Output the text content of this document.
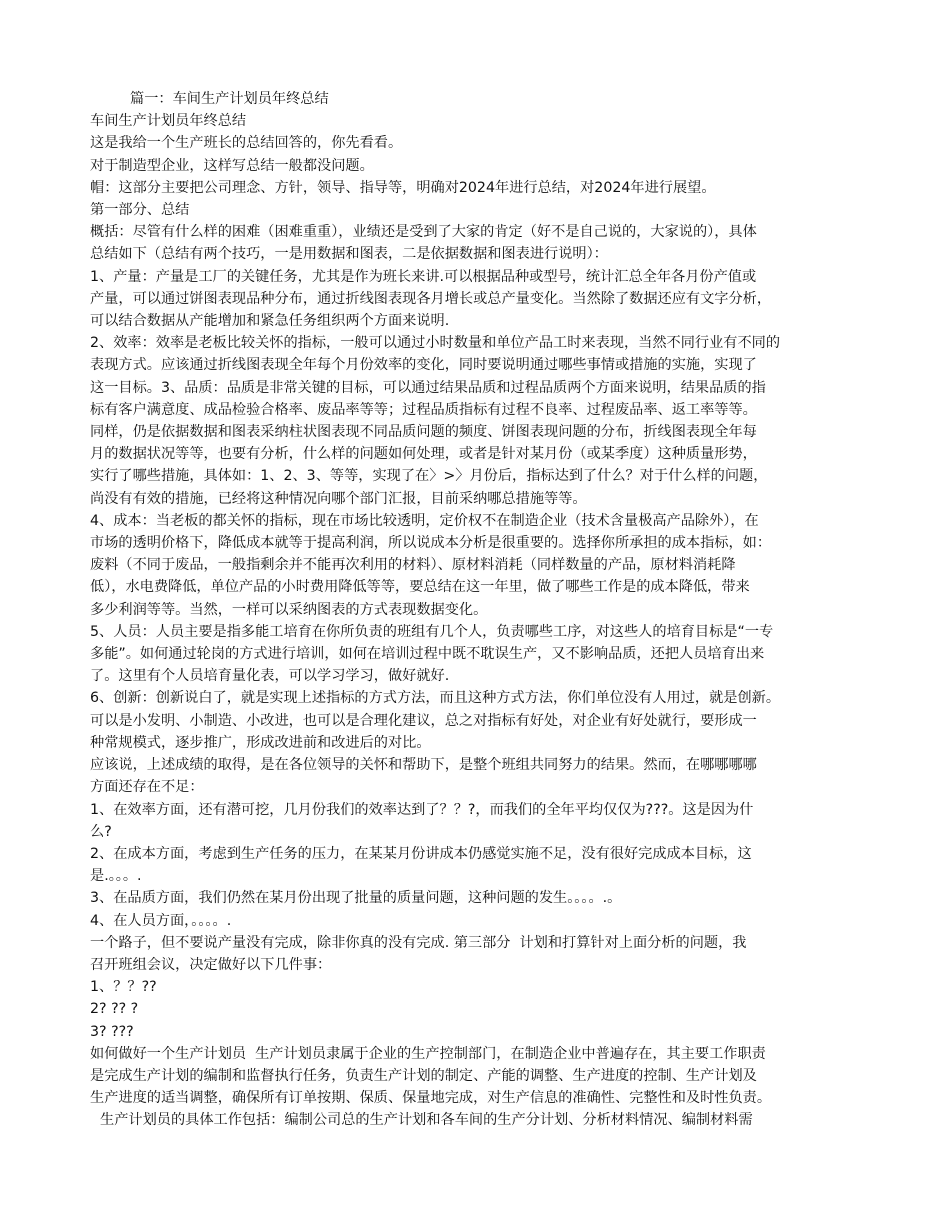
篇一：车间生产计划员年终总结
车间生产计划员年终总结
这是我给一个生产班长的总结回答的，你先看看。
对于制造型企业，这样写总结一般都没问题。
帽：这部分主要把公司理念、方针，领导、指导等，明确对2024年进行总结，对2024年进行展望。
第一部分、总结
概括：尽管有什么样的困难（困难重重），业绩还是受到了大家的肯定（好不是自己说的，大家说的），具体
总结如下（总结有两个技巧，一是用数据和图表，二是依据数据和图表进行说明）：
1、产量：产量是工厂的关键任务，尤其是作为班长来讲.可以根据品种或型号，统计汇总全年各月份产值或
产量，可以通过饼图表现品种分布，通过折线图表现各月增长或总产量变化。当然除了数据还应有文字分析，
可以结合数据从产能增加和紧急任务组织两个方面来说明.
2、效率：效率是老板比较关怀的指标，一般可以通过小时数量和单位产品工时来表现，当然不同行业有不同的
表现方式。应该通过折线图表现全年每个月份效率的变化，同时要说明通过哪些事情或措施的实施，实现了
这一目标。3、品质：品质是非常关键的目标，可以通过结果品质和过程品质两个方面来说明，结果品质的指
标有客户满意度、成品检验合格率、废品率等等；过程品质指标有过程不良率、过程废品率、返工率等等。
同样，仍是依据数据和图表采纳柱状图表现不同品质问题的频度、饼图表现问题的分布，折线图表现全年每
月的数据状况等等，也要有分析，什么样的问题如何处理，或者是针对某月份（或某季度）这种质量形势，
实行了哪些措施，具体如：1、2、3、等等，实现了在〉>〉月份后，指标达到了什么？对于什么样的问题，
尚没有有效的措施，已经将这种情况向哪个部门汇报，目前采纳哪总措施等等。
4、成本：当老板的都关怀的指标，现在市场比较透明，定价权不在制造企业（技术含量极高产品除外），在
市场的透明价格下，降低成本就等于提高利润，所以说成本分析是很重要的。选择你所承担的成本指标，如：
废料（不同于废品，一般指剩余并不能再次利用的材料）、原材料消耗（同样数量的产品，原材料消耗降
低），水电费降低，单位产品的小时费用降低等等，要总结在这一年里，做了哪些工作是的成本降低，带来
多少利润等等。当然，一样可以采纳图表的方式表现数据变化。
5、人员：人员主要是指多能工培育在你所负责的班组有几个人，负责哪些工序，对这些人的培育目标是“一专
多能”。如何通过轮岗的方式进行培训，如何在培训过程中既不耽误生产，又不影响品质，还把人员培育出来
了。这里有个人员培育量化表，可以学习学习，做好就好.
6、创新：创新说白了，就是实现上述指标的方式方法，而且这种方式方法，你们单位没有人用过，就是创新。
可以是小发明、小制造、小改进，也可以是合理化建议，总之对指标有好处，对企业有好处就行，要形成一
种常规模式，逐步推广，形成改进前和改进后的对比。
应该说，上述成绩的取得，是在各位领导的关怀和帮助下，是整个班组共同努力的结果。然而，在哪哪哪哪
方面还存在不足：
1、在效率方面，还有潜可挖，几月份我们的效率达到了？？?，而我们的全年平均仅仅为???。这是因为什
么?
2、在成本方面，考虑到生产任务的压力，在某某月份讲成本仍感觉实施不足，没有很好完成成本目标，这
是.。。。.
3、在品质方面，我们仍然在某月份出现了批量的质量问题，这种问题的发生。。。。.。
4、在人员方面，。。。。.
一个路子，但不要说产量没有完成，除非你真的没有完成. 第三部分  计划和打算针对上面分析的问题，我
召开班组会议，决定做好以下几件事：
1、？？??
2? ?? ?
3? ???
如何做好一个生产计划员  生产计划员隶属于企业的生产控制部门，在制造企业中普遍存在，其主要工作职责
是完成生产计划的编制和监督执行任务，负责生产计划的制定、产能的调整、生产进度的控制、生产计划及
生产进度的适当调整，确保所有订单按期、保质、保量地完成，对生产信息的准确性、完整性和及时性负责。
生产计划员的具体工作包括：编制公司总的生产计划和各车间的生产分计划、分析材料情况、编制材料需
